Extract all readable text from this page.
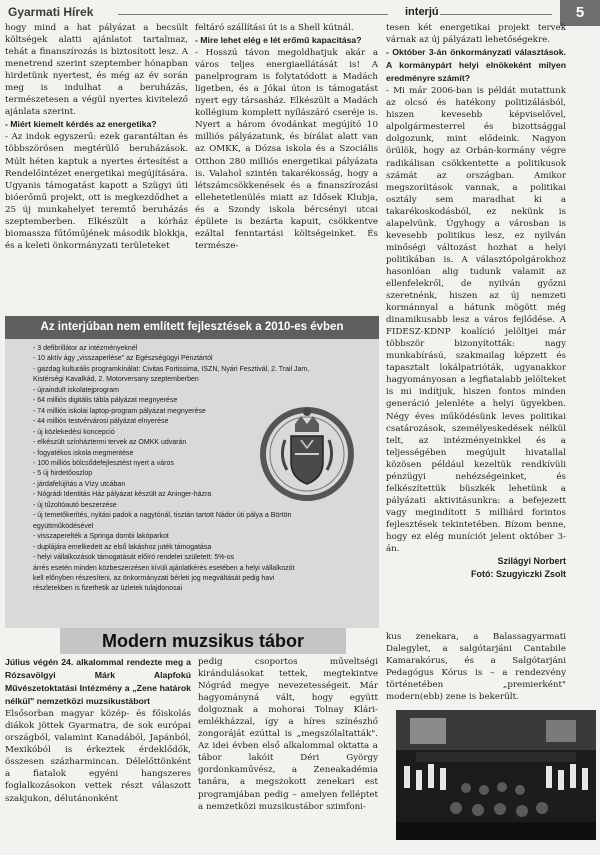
Gyarmati Hírek	interjú	5

hogy mind a hat pályázat a becsült költségek alatti ajánlatot tartalmaz, tehát a finanszírozás is biztosított lesz. A menetrend szerint szeptember hónapban hirdetünk nyertest, és még az év során meg is indulhat a beruházás, természetesen a végül nyertes kivitelező ajánlata szerint.

- Miért kiemelt kérdés az energetika?

- Az indok egyszerű: ezek garantáltan és többszörösen megtérülő beruházások. Múlt héten kaptuk a nyertes értesítést a Rendelőintézet energetikai megújítására. Ugyanis támogatást kapott a Szügyi úti bióerőmű projekt, ott is megkezdődhet a 25 új munkahelyet teremtő beruházás szeptemberben. Elkészült a kórház biomassza fűtőműjének második blokkja, és a keleti önkormányzati területeket

feltáró szállítási út is a Shell kútnál.

- Mire lehet elég e lét erőmű kapacitása?

- Hosszú távon megoldhatjuk akár a város teljes energiaellátását is! A panelprogram is folytatódott a Madách ligetben, és a Jókai úton is támogatást nyert egy társasház. Elkészült a Madách kollégium komplett nyílászáró cseréje is. Nyert a három óvodánkat megújító 10 milliós pályázatunk, és bírálat alatt van az OMKK, a Dózsa iskola és a Szociális Otthon 280 milliós energetikai pályázata is. Valahol szintén takarékosság, hogy a létszámcsökkenések és a finanszírozási ellehetetlenülés miatt az Idősek Klubja, és a Szondy iskola bércsényi utcai épülete is bezárta kapuit, csökkentve ezáltal fenntartási költségeinket. És természe-

tesen két energetikai projekt tervek várnak az új pályázati lehetőségekre.

- Október 3-án önkormányzati választások. A kormánypárt helyi elnökeként milyen eredményre számít?

- Mi már 2006-ban is példát mutattunk az olcsó és hatékony politizálásból, hiszen kevesebb képviselővel, alpolgármesterrel és bizottsággal dolgozunk, mint elődeink. Nagyon örülök, hogy az Orbán-kormány végre radikálisan csökkentette a politikusok számát az országban. Amikor megszoríitások vannak, a politikai osztály sem maradhat ki a takarékoskodásból, ez nekünk is alapelvünk. Úgyhogy a városban is kevesebb politikus lesz, ez nyilván minőségi változást hozhat a helyi politikában is. A választópolgárokhoz hasonlóan alig tudunk valamit az ellenfelekről, de nyilván győzni szeretnénk, hiszen az új nemzeti kormánnyal a hátunk mögött még dinamikusabb lesz a város fejlődése. A FIDESZ-KDNP koalíció jelöltjei már többször bizonyították: nagy munkabírású, szakmailag képzett és tapasztalt lokálpatrióták, ugyanakkor hagyományosan a legfiatalabb jelölteket is mi indítjuk, hiszen fontos minden generáció jelenléte a helyi ügyekben. Négy éves működésünk leves politikai csatározások, személyeskedések nélkül telt, az intézményeinkkel és a teljességében megújult hivatallal közösen például kezeltük rendkívüli pénzügyi nehézségeinket, és felkészítettük büszkék lehetünk a pályázati aktivitásunkra: a befejezett vagy megindított 5 milliárd forintos fejlesztések tekintetében. Bízom benne, hogy ez elég muníciót jelent október 3-án.

Szilágyi Norbert
Fotó: Szugyiczki Zsolt
Az interjúban nem említett fejlesztések a 2010-es évben
- 3 defibrillátor az intézményeknél
- 10 aktív ágy „visszaperlése" az Egészségügyi Pénztártól
- gazdag kulturális programkínálat: Civitas Fortissima, ISZN, Nyári Fesztivál, 2. Trail Jam,
Kistérségi Kavalkád, 2. Motorversany szeptemberben
- újraindult iskolatejprogram
- 64 milliós digitális tábla pályázat megnyerése
- 74 milliós iskolai laptop-program pályázat megnyerése
- 44 milliós testvérvárosi pályázat elnyerése
- új közlekedési koncepció
- elkészült színháztermi tervek az OMKK udvarán
- fogyatékos iskola megmentése
- 100 milliós bölcsődefejlesztést nyert a város
- 5 új hirdetőoszlop
- járdafelújítás a Vízy utcában
- Nógrádi Identitás Ház pályázat készült az Aninger-házra
- új tűzoltóautó beszerzése
- új temetőkerítés, nyitási padok a nagytónál, tisztán tartott Nádor úti pálya a Börtön
együttműködésével
- visszaperelték a Springa dombi lakóparkot
- duplájára emelkedett az első lakáshoz juték támogatása
- helyi vállalkozások támogatását előíró rendelet született: 5%-os
árrés esetén minden közbeszerzésen kívüli ajánlatkérés esetében a helyi vállalkozót
kell előnyben részesíteni, az önkormányzati bérleti jog megváltását pedig havi
részletekben is fizethetik az üzletek tulajdonosai
Modern muzsikus tábor

Július végén 24. alkalommal rendezte meg a Rózsavölgyi Márk Alapfokú Művészetoktatási Intézmény a „Zene határok nélkül" nemzetközi muzsikustábort

Elsősorban magyar közép- és főiskolás diákok jöttek Gyarmatra, de sok európai országból, valamint Kanadából, Japánból, Mexikóból is érkeztek érdeklődők, összesen százharmincan. Délelőttönként a fiatalok egyéni hangszeres foglalkozásokon vettek részt válaszott szakjukon, délutánonként

pedig csoportos műveltségi kirándulásokat tettek, megtekintve Nógrád megye nevezetességeit. Már hagyományná vált, hogy együtt dolgoznak a mohorai Tolnay Klári-emlékházzal, így a híres színészhő zongoráját ezúttal is „megszólaltatták". Az idei évben első alkalommal oktatta a tábor lakóit Déri György gordonkaművész, a Zeneakadémia tanára, a megszokott zenekari est programjában pedig – amelyen felléptet a nemzetközi muzsikustábor szimfoni-

kus zenekara, a Balassagyarmati Dalegylet, a salgótarjáni Cantabile Kamarakórus, és a Salgótarjáni Pedagógus Kórus is – a rendezvény történetében „premierként" modern(ebb) zene is bekerült.
